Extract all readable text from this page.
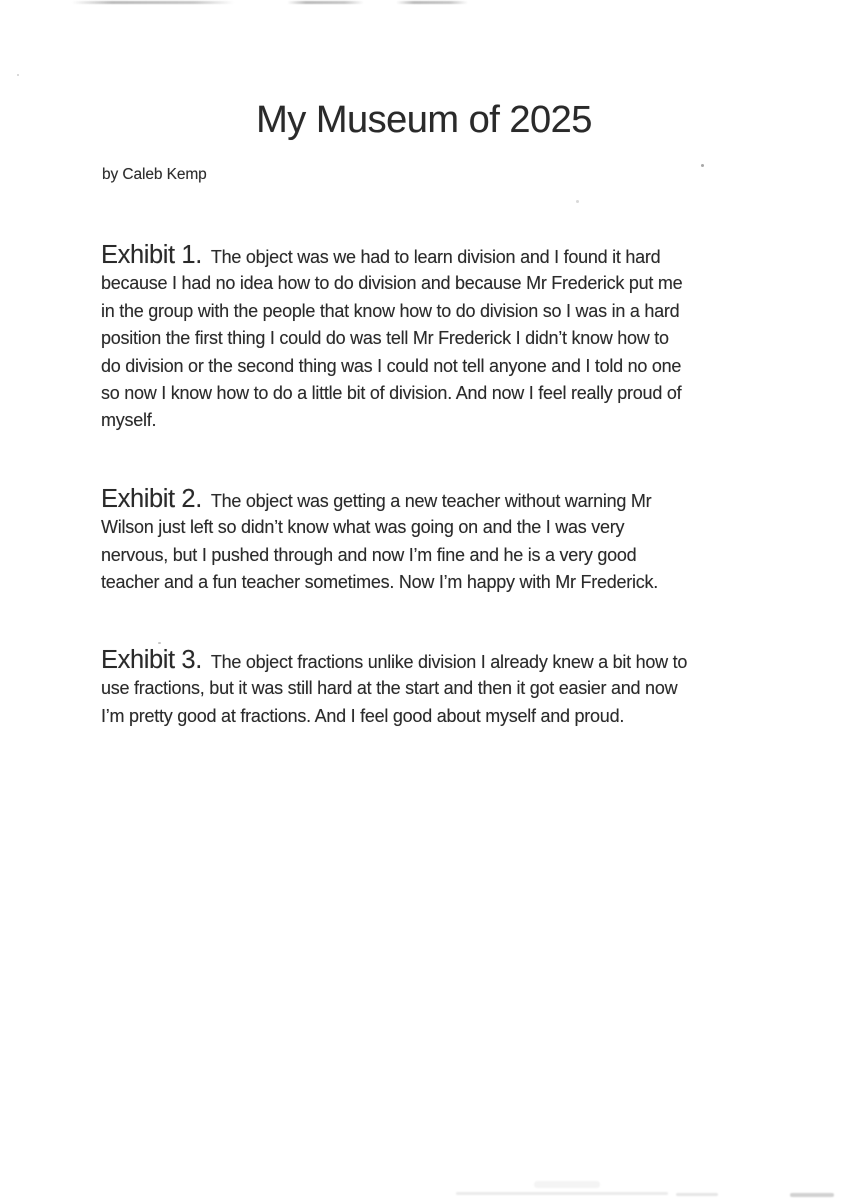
My Museum of 2025
by Caleb Kemp
Exhibit 1. The object was we had to learn division and I found it hard
because I had no idea how to do division and because Mr Frederick put me
in the group with the people that know how to do division so I was in a hard
position the first thing I could do was tell Mr Frederick I didn’t know how to
do division or the second thing was I could not tell anyone and I told no one
so now I know how to do a little bit of division. And now I feel really proud of
myself.
Exhibit 2. The object was getting a new teacher without warning Mr
Wilson just left so didn’t know what was going on and the I was very
nervous, but I pushed through and now I’m fine and he is a very good
teacher and a fun teacher sometimes. Now I’m happy with Mr Frederick.
Exhibit 3. The object fractions unlike division I already knew a bit how to
use fractions, but it was still hard at the start and then it got easier and now
I’m pretty good at fractions. And I feel good about myself and proud.
